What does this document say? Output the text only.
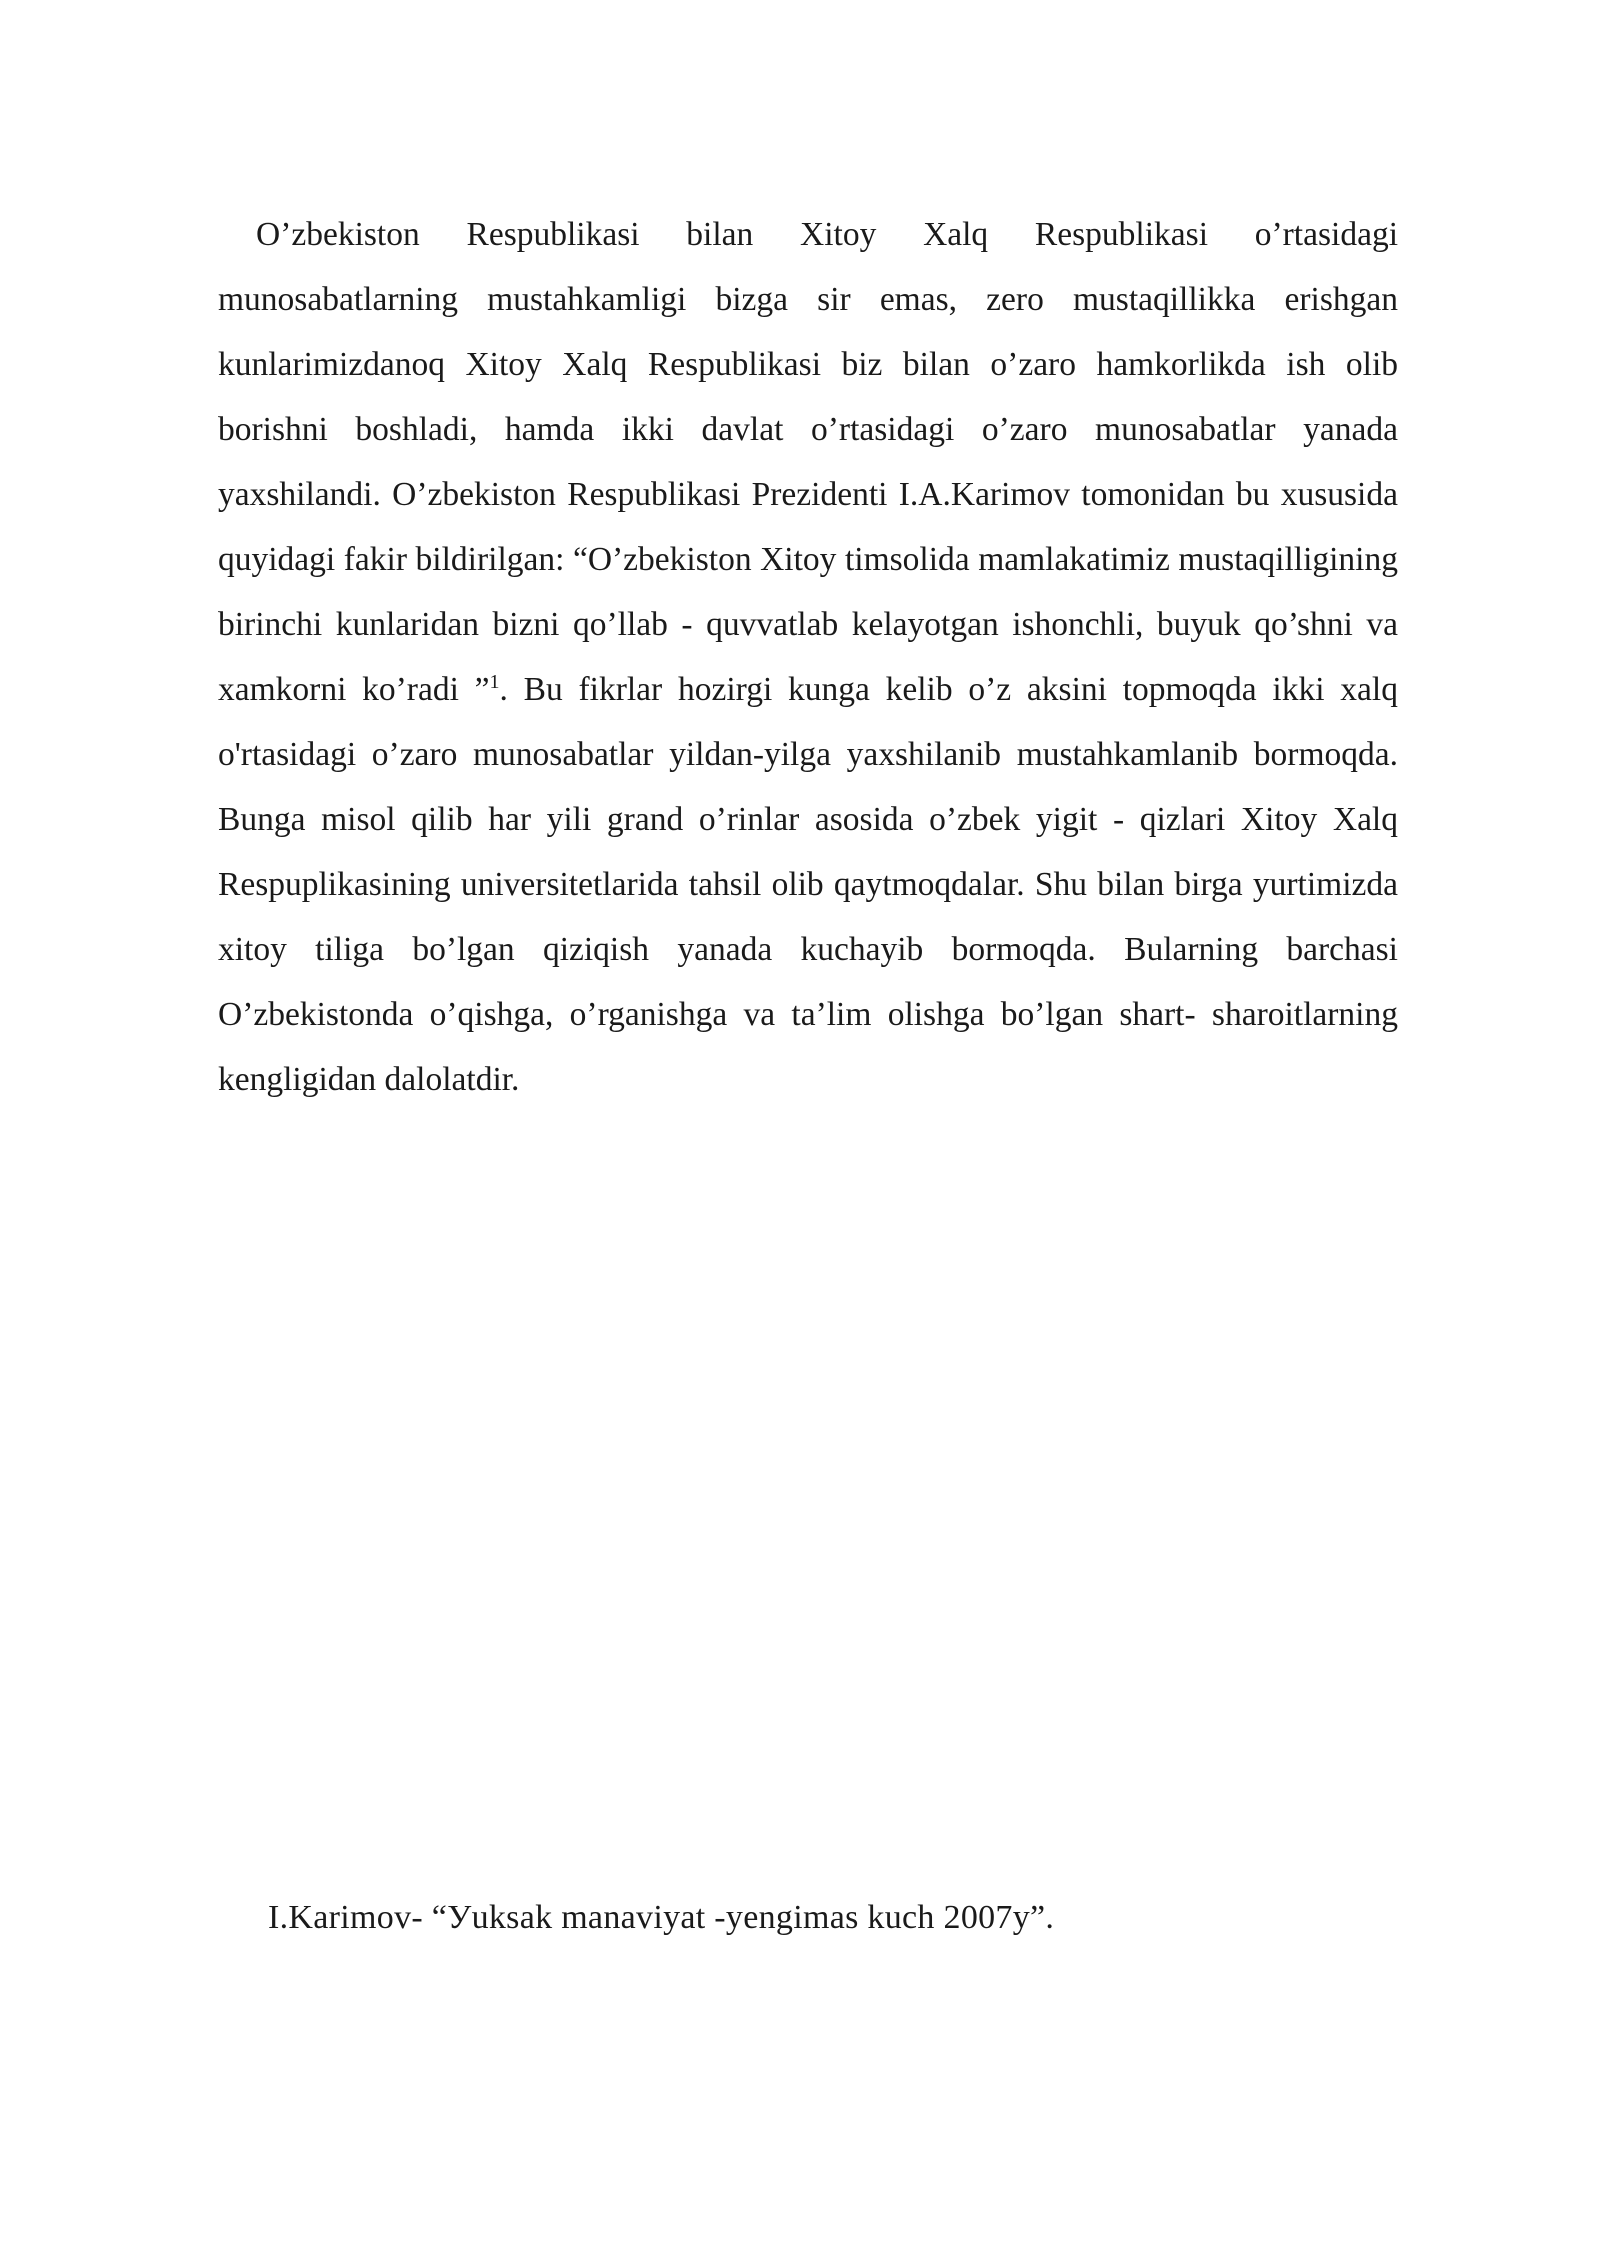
O’zbekiston Respublikasi bilan Xitoy Xalq Respublikasi o’rtasidagi munosabatlarning mustahkamligi bizga sir emas, zero mustaqillikka erishgan kunlarimizdanoq Xitoy Xalq Respublikasi biz bilan o’zaro hamkorlikda ish olib borishni boshladi, hamda ikki davlat o’rtasidagi o’zaro munosabatlar yanada yaxshilandi. O’zbekiston Respublikasi Prezidenti I.A.Karimov tomonidan bu xususida quyidagi fakir bildirilgan: “O’zbekiston Xitoy timsolida mamlakatimiz mustaqilligining birinchi kunlaridan bizni qo’llab - quvvatlab kelayotgan ishonchli, buyuk qo’shni va xamkorni ko’radi ”$^1$. Bu fikrlar hozirgi kunga kelib o’z aksini topmoqda ikki xalq o'rtasidagi o’zaro munosabatlar yildan-yilga yaxshilanib mustahkamlanib bormoqda. Bunga misol qilib har yili grand o’rinlar asosida o’zbek yigit - qizlari Xitoy Xalq Respuplikasining universitetlarida tahsil olib qaytmoqdalar. Shu bilan birga yurtimizda xitoy tiliga bo’lgan qiziqish yanada kuchayib bormoqda. Bularning barchasi O’zbekistonda o’qishga, o’rganishga va ta’lim olishga bo’lgan shart- sharoitlarning kengligidan dalolatdir.

I.Karimov- “Уuksak manaviyat -yengimas kuch 2007у”.
